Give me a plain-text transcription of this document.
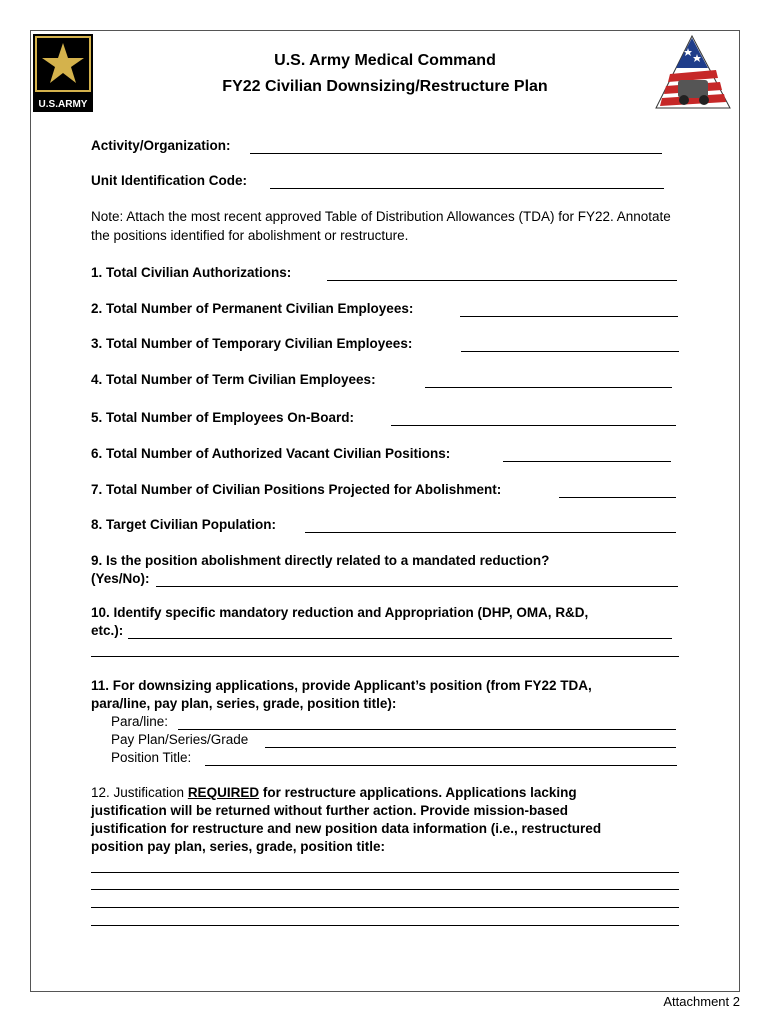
U.S.ARMY
U.S. Army Medical Command
FY22 Civilian Downsizing/Restructure Plan
Activity/Organization:
Unit Identification Code:
Note: Attach the most recent approved Table of Distribution Allowances (TDA) for FY22. Annotate the positions identified for abolishment or restructure.
1. Total Civilian Authorizations:
2. Total Number of Permanent Civilian Employees:
3. Total Number of Temporary Civilian Employees:
4. Total Number of Term Civilian Employees:
5. Total Number of Employees On-Board:
6. Total Number of Authorized Vacant Civilian Positions:
7. Total Number of Civilian Positions Projected for Abolishment:
8. Target Civilian Population:
9. Is the position abolishment directly related to a mandated reduction?
(Yes/No):
10. Identify specific mandatory reduction and Appropriation (DHP, OMA, R&D,
etc.):
11. For downsizing applications, provide Applicant’s position (from FY22 TDA,
para/line, pay plan, series, grade, position title):
Para/line:
Pay Plan/Series/Grade
Position Title:
12. Justification REQUIRED for restructure applications. Applications lacking
justification will be returned without further action. Provide mission-based
justification for restructure and new position data information (i.e., restructured
position pay plan, series, grade, position title:
Attachment 2
